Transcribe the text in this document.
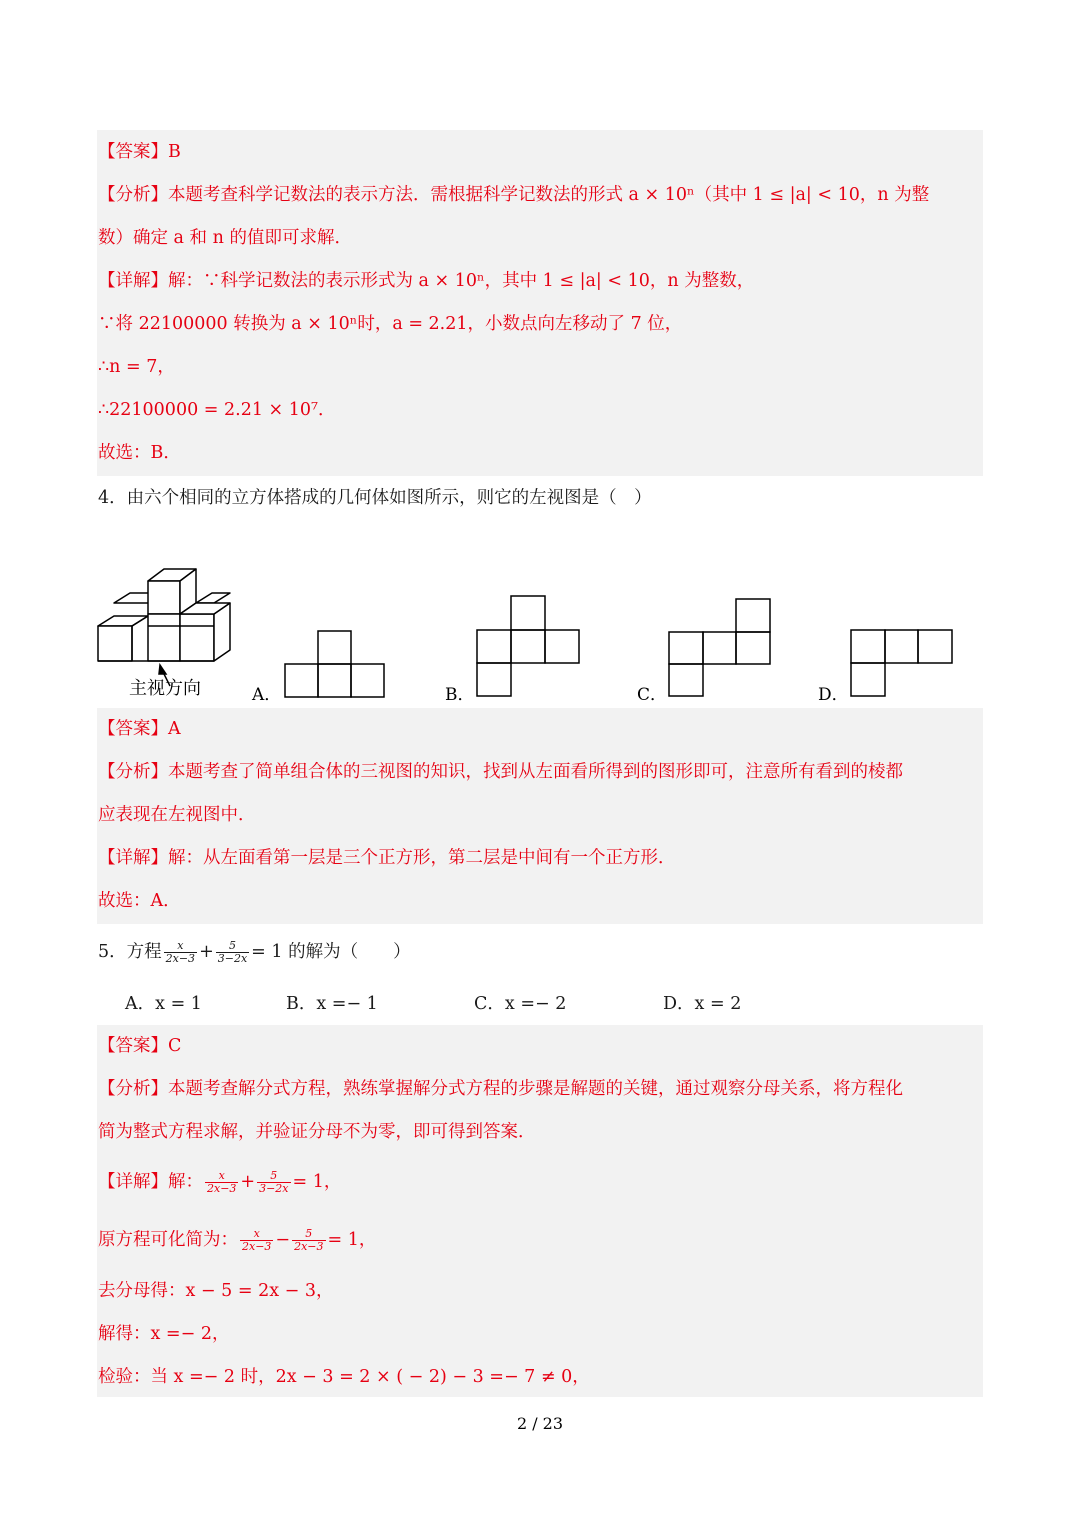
【答案】B
【分析】本题考查科学记数法的表示方法．需根据科学记数法的形式 a × 10ⁿ（其中 1 ≤ |a| < 10，n 为整
数）确定 a 和 n 的值即可求解．
【详解】解：∵科学记数法的表示形式为 a × 10ⁿ，其中 1 ≤ |a| < 10，n 为整数，
∵将 22100000 转换为 a × 10ⁿ时，a = 2.21，小数点向左移动了 7 位，
∴n = 7，
∴22100000 = 2.21 × 10⁷．
故选：B．
4．由六个相同的立方体搭成的几何体如图所示，则它的左视图是（　）
主视方向	A．	B．	C．	D．
【答案】A
【分析】本题考查了简单组合体的三视图的知识，找到从左面看所得到的图形即可，注意所有看到的棱都
应表现在左视图中．
【详解】解：从左面看第一层是三个正方形，第二层是中间有一个正方形．
故选：A．
5．方程 $\frac{x}{2x-3} + \frac{5}{3-2x} = 1$ 的解为（　　）
A．x = 1	B．x =− 1	C．x =− 2	D．x = 2
【答案】C
【分析】本题考查解分式方程，熟练掌握解分式方程的步骤是解题的关键，通过观察分母关系，将方程化
简为整式方程求解，并验证分母不为零，即可得到答案．
【详解】解： $\frac{x}{2x-3} + \frac{5}{3-2x} = 1$，
原方程可化简为： $\frac{x}{2x-3} - \frac{5}{2x-3} = 1$，
去分母得：x − 5 = 2x − 3，
解得：x =− 2，
检验：当 x =− 2 时，2x − 3 = 2 × ( − 2) − 3 =− 7 ≠ 0，
2 / 23
